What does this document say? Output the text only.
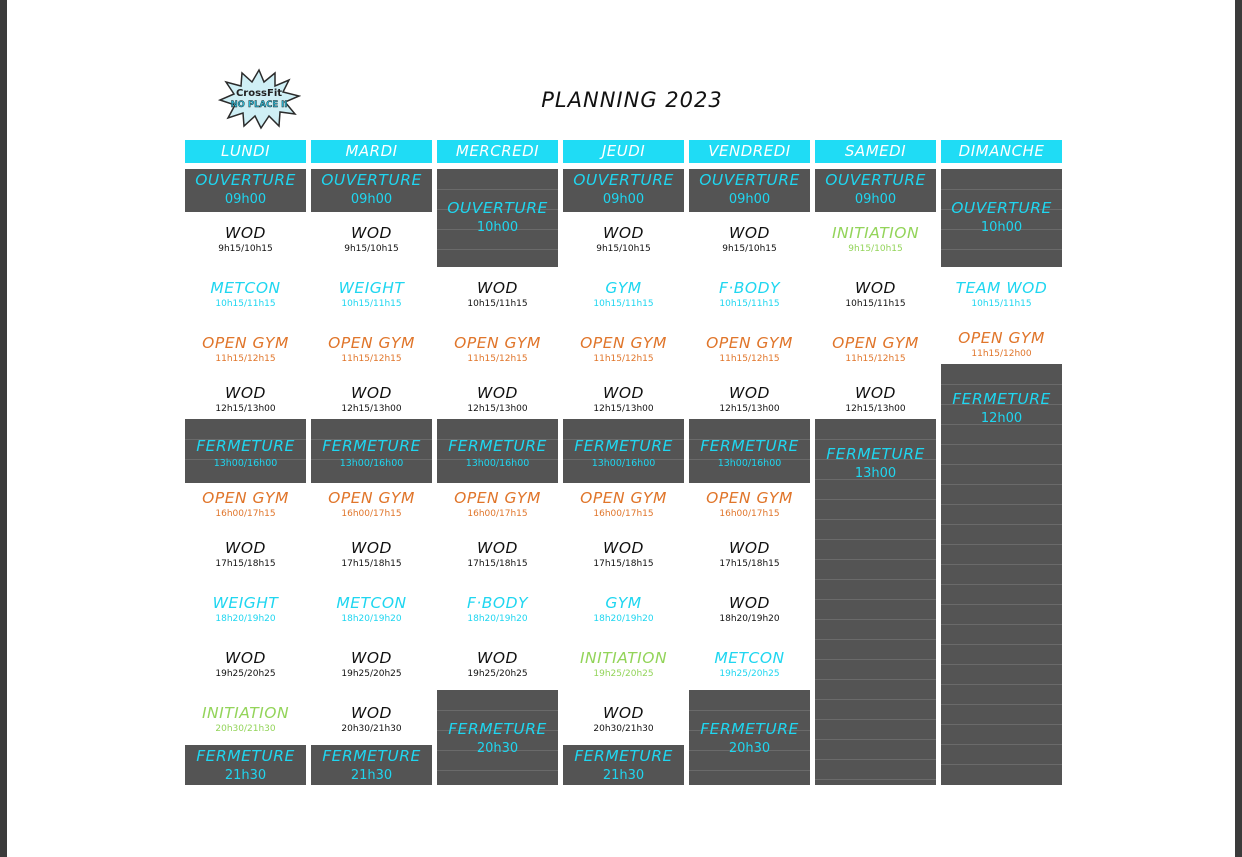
CrossFit
NO PLACE II	PLANNING 2023
LUNDI
OUVERTURE
09h00
WOD
9h15/10h15
METCON
10h15/11h15
OPEN GYM
11h15/12h15
WOD
12h15/13h00
FERMETURE
13h00/16h00
OPEN GYM
16h00/17h15
WOD
17h15/18h15
WEIGHT
18h20/19h20
WOD
19h25/20h25
INITIATION
20h30/21h30
FERMETURE
21h30
MARDI
OUVERTURE
09h00
WOD
9h15/10h15
WEIGHT
10h15/11h15
OPEN GYM
11h15/12h15
WOD
12h15/13h00
FERMETURE
13h00/16h00
OPEN GYM
16h00/17h15
WOD
17h15/18h15
METCON
18h20/19h20
WOD
19h25/20h25
WOD
20h30/21h30
FERMETURE
21h30
MERCREDI
OUVERTURE
10h00
WOD
10h15/11h15
OPEN GYM
11h15/12h15
WOD
12h15/13h00
FERMETURE
13h00/16h00
OPEN GYM
16h00/17h15
WOD
17h15/18h15
F·BODY
18h20/19h20
WOD
19h25/20h25
FERMETURE
20h30
JEUDI
OUVERTURE
09h00
WOD
9h15/10h15
GYM
10h15/11h15
OPEN GYM
11h15/12h15
WOD
12h15/13h00
FERMETURE
13h00/16h00
OPEN GYM
16h00/17h15
WOD
17h15/18h15
GYM
18h20/19h20
INITIATION
19h25/20h25
WOD
20h30/21h30
FERMETURE
21h30
VENDREDI
OUVERTURE
09h00
WOD
9h15/10h15
F·BODY
10h15/11h15
OPEN GYM
11h15/12h15
WOD
12h15/13h00
FERMETURE
13h00/16h00
OPEN GYM
16h00/17h15
WOD
17h15/18h15
WOD
18h20/19h20
METCON
19h25/20h25
FERMETURE
20h30
SAMEDI
OUVERTURE
09h00
INITIATION
9h15/10h15
WOD
10h15/11h15
OPEN GYM
11h15/12h15
WOD
12h15/13h00
FERMETURE
13h00
DIMANCHE
OUVERTURE
10h00
TEAM WOD
10h15/11h15
OPEN GYM
11h15/12h00
FERMETURE
12h00
